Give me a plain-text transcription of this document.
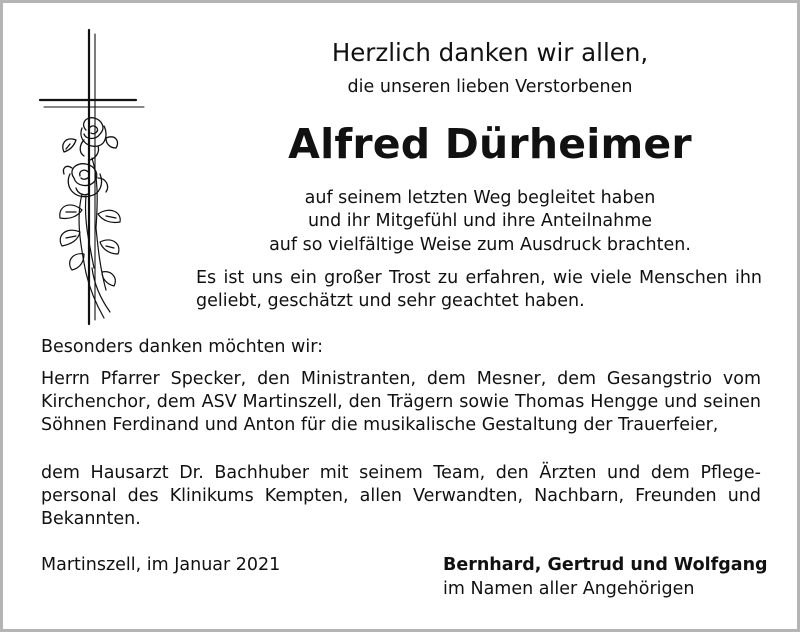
Herzlich danken wir allen,
die unseren lieben Verstorbenen
Alfred Dürheimer
auf seinem letzten Weg begleitet haben
und ihr Mitgefühl und ihre Anteilnahme
auf so vielfältige Weise zum Ausdruck brachten.
Es ist uns ein großer Trost zu erfahren, wie viele Menschen ihn geliebt, geschätzt und sehr geachtet haben.
Besonders danken möchten wir:
Herrn Pfarrer Specker, den Ministranten, dem Mesner, dem Gesangstrio vom Kirchenchor, dem ASV Martinszell, den Trägern sowie Thomas Hengge und seinen Söhnen Ferdinand und Anton für die musikalische Gestaltung der Trauerfeier,
dem Hausarzt Dr. Bachhuber mit seinem Team, den Ärzten und dem Pflege-personal des Klinikums Kempten, allen Verwandten, Nachbarn, Freunden und Bekannten.
Martinszell, im Januar 2021	Bernhard, Gertrud und Wolfgang
im Namen aller Angehörigen
